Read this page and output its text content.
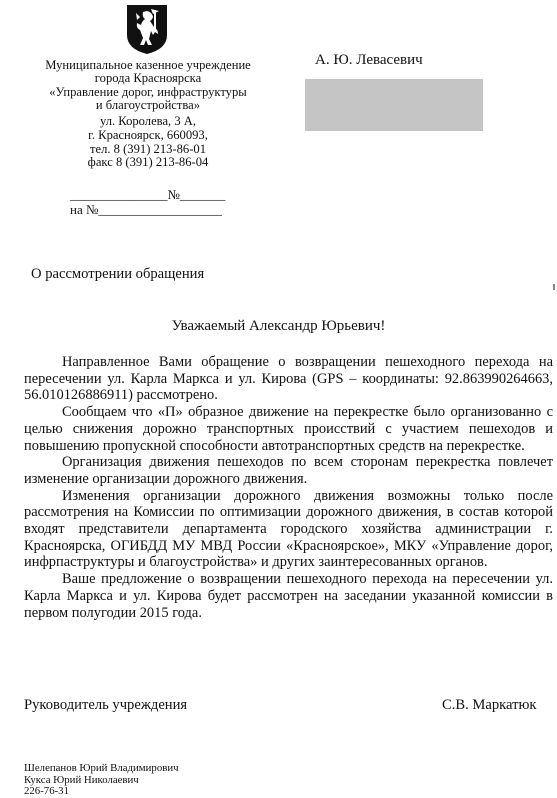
Муниципальное казенное учреждение
города Красноярска
«Управление дорог, инфраструктуры
и благоустройства»
ул. Королева, 3 А,
г. Красноярск, 660093,
тел. 8 (391) 213-86-01
факс 8 (391) 213-86-04
А. Ю. Левасевич
_______________№_______
на №___________________
О рассмотрении обращения
Уважаемый Александр Юрьевич!

Направленное Вами обращение о возвращении пешеходного перехода на пересечении ул. Карла Маркса и ул. Кирова (GPS – координаты: 92.863990264663, 56.010126886911) рассмотрено.

Сообщаем что «П» образное движение на перекрестке было организованно с целью снижения дорожно транспортных происствий с участием пешеходов и повышению пропускной способности автотранспортных средств на перекрестке.

Организация движения пешеходов по всем сторонам перекрестка повлечет изменение организации дорожного движения.

Изменения организации дорожного движения возможны только после рассмотрения на Комиссии по оптимизации дорожного движения, в состав которой входят представители департамента городского хозяйства администрации г. Красноярска, ОГИБДД МУ МВД России «Красноярское», МКУ «Управление дорог, инфрпаструктуры и благоустройства» и других заинтересованных органов.

Ваше предложение о возвращении пешеходного перехода на пересечении ул. Карла Маркса и ул. Кирова будет рассмотрен на заседании указанной комиссии в первом полугодии 2015 года.

Руководитель учреждения	С.В. Маркатюк
Шелепанов Юрий Владимирович
Кукса Юрий Николаевич
226-76-31
